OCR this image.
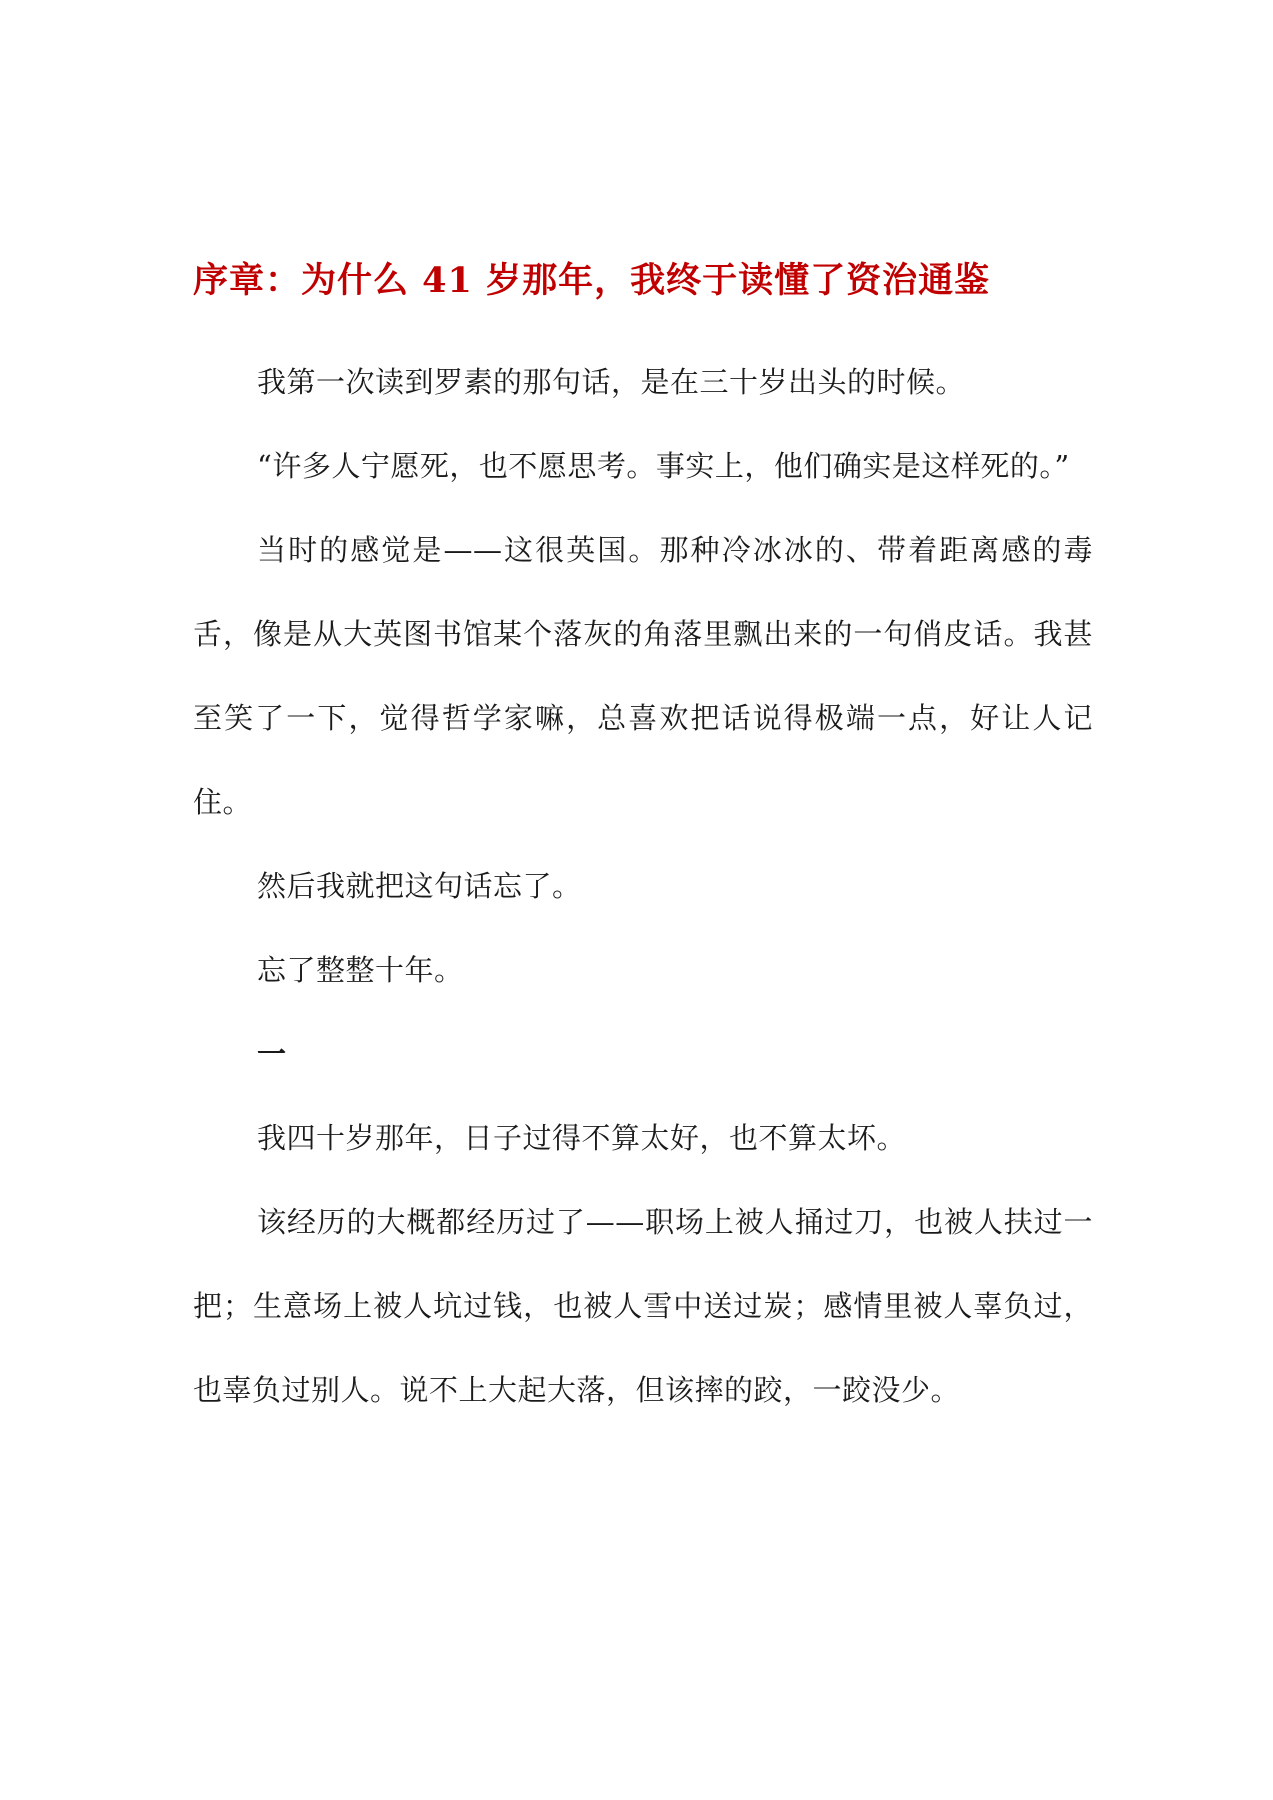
序章：为什么 41 岁那年，我终于读懂了资治通鉴

我第一次读到罗素的那句话，是在三十岁出头的时候。

“许多人宁愿死，也不愿思考。事实上，他们确实是这样死的。”

当时的感觉是——这很英国。那种冷冰冰的、带着距离感的毒舌，像是从大英图书馆某个落灰的角落里飘出来的一句俏皮话。我甚至笑了一下，觉得哲学家嘛，总喜欢把话说得极端一点，好让人记住。

然后我就把这句话忘了。

忘了整整十年。

一

我四十岁那年，日子过得不算太好，也不算太坏。

该经历的大概都经历过了——职场上被人捅过刀，也被人扶过一把；生意场上被人坑过钱，也被人雪中送过炭；感情里被人辜负过，也辜负过别人。说不上大起大落，但该摔的跤，一跤没少。
